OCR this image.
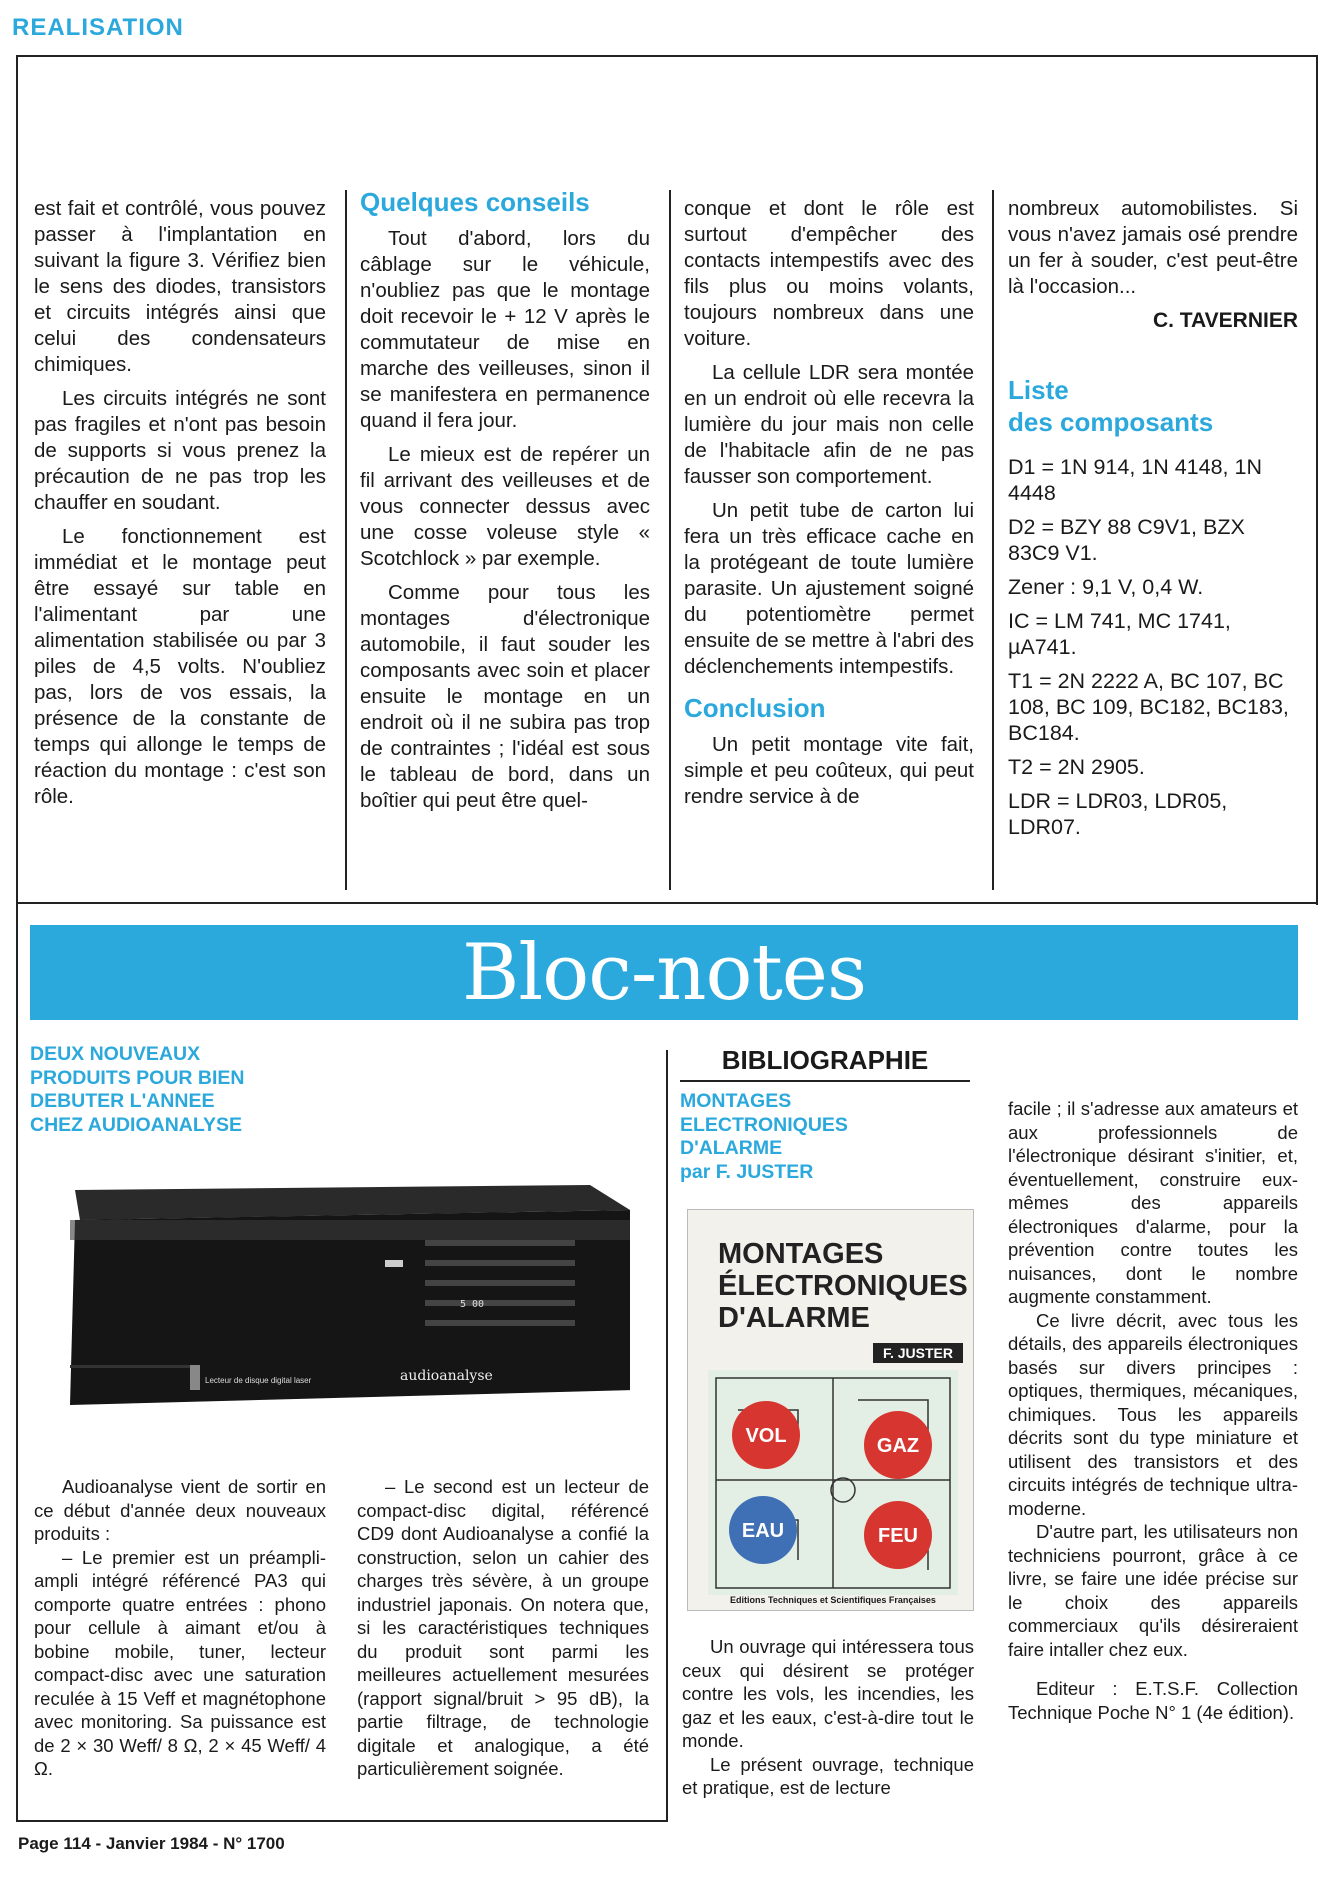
REALISATION

est fait et contrôlé, vous pouvez passer à l'implantation en suivant la figure 3. Vérifiez bien le sens des diodes, transistors et circuits intégrés ainsi que celui des condensateurs chimiques.

Les circuits intégrés ne sont pas fragiles et n'ont pas besoin de supports si vous prenez la précaution de ne pas trop les chauffer en soudant.

Le fonctionnement est immédiat et le montage peut être essayé sur table en l'alimentant par une alimentation stabilisée ou par 3 piles de 4,5 volts. N'oubliez pas, lors de vos essais, la présence de la constante de temps qui allonge le temps de réaction du montage : c'est son rôle.

Quelques conseils

Tout d'abord, lors du câblage sur le véhicule, n'oubliez pas que le montage doit recevoir le + 12 V après le commutateur de mise en marche des veilleuses, sinon il se manifestera en permanence quand il fera jour.

Le mieux est de repérer un fil arrivant des veilleuses et de vous connecter dessus avec une cosse voleuse style « Scotchlock » par exemple.

Comme pour tous les montages d'électronique automobile, il faut souder les composants avec soin et placer ensuite le montage en un endroit où il ne subira pas trop de contraintes ; l'idéal est sous le tableau de bord, dans un boîtier qui peut être quel-

conque et dont le rôle est surtout d'empêcher des contacts intempestifs avec des fils plus ou moins volants, toujours nombreux dans une voiture.

La cellule LDR sera montée en un endroit où elle recevra la lumière du jour mais non celle de l'habitacle afin de ne pas fausser son comportement.

Un petit tube de carton lui fera un très efficace cache en la protégeant de toute lumière parasite. Un ajustement soigné du potentiomètre permet ensuite de se mettre à l'abri des déclenchements intempestifs.

Conclusion

Un petit montage vite fait, simple et peu coûteux, qui peut rendre service à de

nombreux automobilistes. Si vous n'avez jamais osé prendre un fer à souder, c'est peut-être là l'occasion...

C. TAVERNIER
Liste
des composants

D1 = 1N 914, 1N 4148, 1N 4448

D2 = BZY 88 C9V1, BZX 83C9 V1.

Zener : 9,1 V, 0,4 W.

IC = LM 741, MC 1741, µA741.

T1 = 2N 2222 A, BC 107, BC 108, BC 109, BC182, BC183, BC184.

T2 = 2N 2905.

LDR = LDR03, LDR05, LDR07.

Bloc-notes
DEUX NOUVEAUX
PRODUITS POUR BIEN
DEBUTER L'ANNEE
CHEZ AUDIOANALYSE
5 00
Lecteur de disque digital laser	audioanalyse

Audioanalyse vient de sortir en ce début d'année deux nouveaux produits :

– Le premier est un préampli-ampli intégré référencé PA3 qui comporte quatre entrées : phono pour cellule à aimant et/ou à bobine mobile, tuner, lecteur compact-disc avec une saturation reculée à 15 Veff et magnétophone avec monitoring. Sa puissance est de 2 × 30 Weff/ 8 Ω, 2 × 45 Weff/ 4 Ω.

– Le second est un lecteur de compact-disc digital, référencé CD9 dont Audioanalyse a confié la construction, selon un cahier des charges très sévère, à un groupe industriel japonais. On notera que, si les caractéristiques techniques du produit sont parmi les meilleures actuellement mesurées (rapport signal/bruit > 95 dB), la partie filtrage, de technologie digitale et analogique, a été particulièrement soignée.

BIBLIOGRAPHIE
MONTAGES
ELECTRONIQUES
D'ALARME
par F. JUSTER
MONTAGES ÉLECTRONIQUES D'ALARME
F. JUSTER
VOL	GAZ
EAU	FEU
Editions Techniques et Scientifiques Françaises

Un ouvrage qui intéressera tous ceux qui désirent se protéger contre les vols, les incendies, les gaz et les eaux, c'est-à-dire tout le monde.

Le présent ouvrage, technique et pratique, est de lecture

facile ; il s'adresse aux amateurs et aux professionnels de l'électronique désirant s'initier, et, éventuellement, construire eux-mêmes des appareils électroniques d'alarme, pour la prévention contre toutes les nuisances, dont le nombre augmente constamment.

Ce livre décrit, avec tous les détails, des appareils électroniques basés sur divers principes : optiques, thermiques, mécaniques, chimiques. Tous les appareils décrits sont du type miniature et utilisent des transistors et des circuits intégrés de technique ultra-moderne.

D'autre part, les utilisateurs non techniciens pourront, grâce à ce livre, se faire une idée précise sur le choix des appareils commerciaux qu'ils désireraient faire intaller chez eux.

Editeur : E.T.S.F. Collection Technique Poche N° 1 (4e édition).

Page 114 - Janvier 1984 - N° 1700
